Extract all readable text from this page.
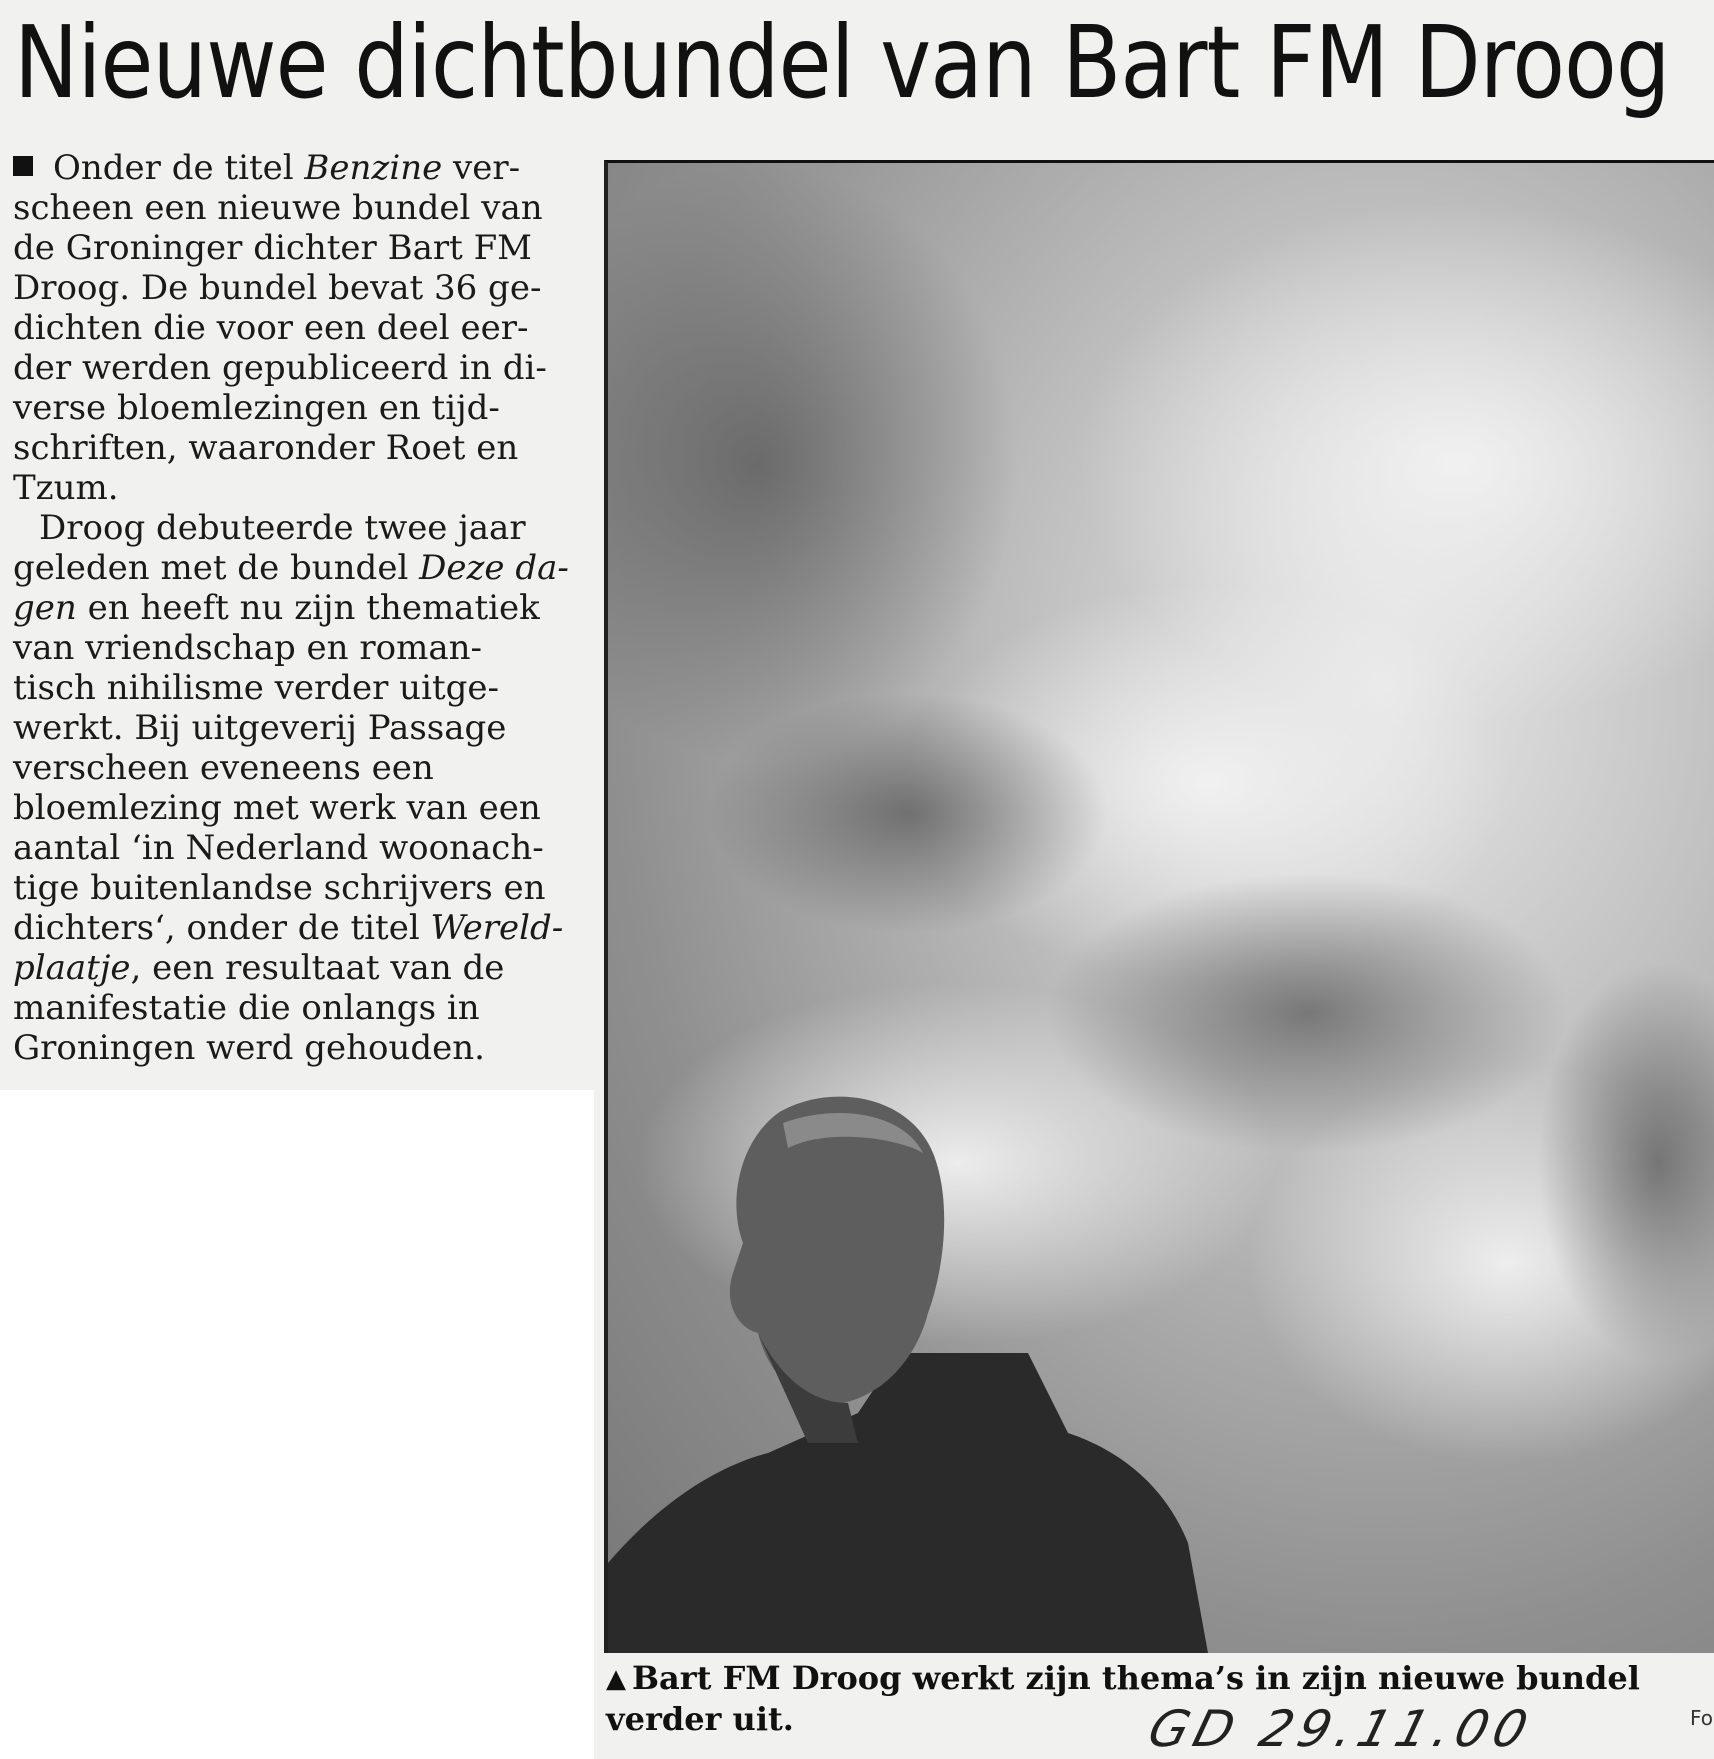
Nieuwe dichtbundel van Bart FM Droog
Onder de titel Benzine ver-
scheen een nieuwe bundel van
de Groninger dichter Bart FM
Droog. De bundel bevat 36 ge-
dichten die voor een deel eer-
der werden gepubliceerd in di-
verse bloemlezingen en tijd-
schriften, waaronder Roet en
Tzum.
Droog debuteerde twee jaar
geleden met de bundel Deze da-
gen en heeft nu zijn thematiek
van vriendschap en roman-
tisch nihilisme verder uitge-
werkt. Bij uitgeverij Passage
verscheen eveneens een
bloemlezing met werk van een
aantal ‘in Nederland woonach-
tige buitenlandse schrijvers en
dichters‘, onder de titel Wereld-
plaatje, een resultaat van de
manifestatie die onlangs in
Groningen werd gehouden.
▲ Bart FM Droog werkt zijn thema’s in zijn nieuwe bundel verder uit.	GD 29.11.00	Fo
